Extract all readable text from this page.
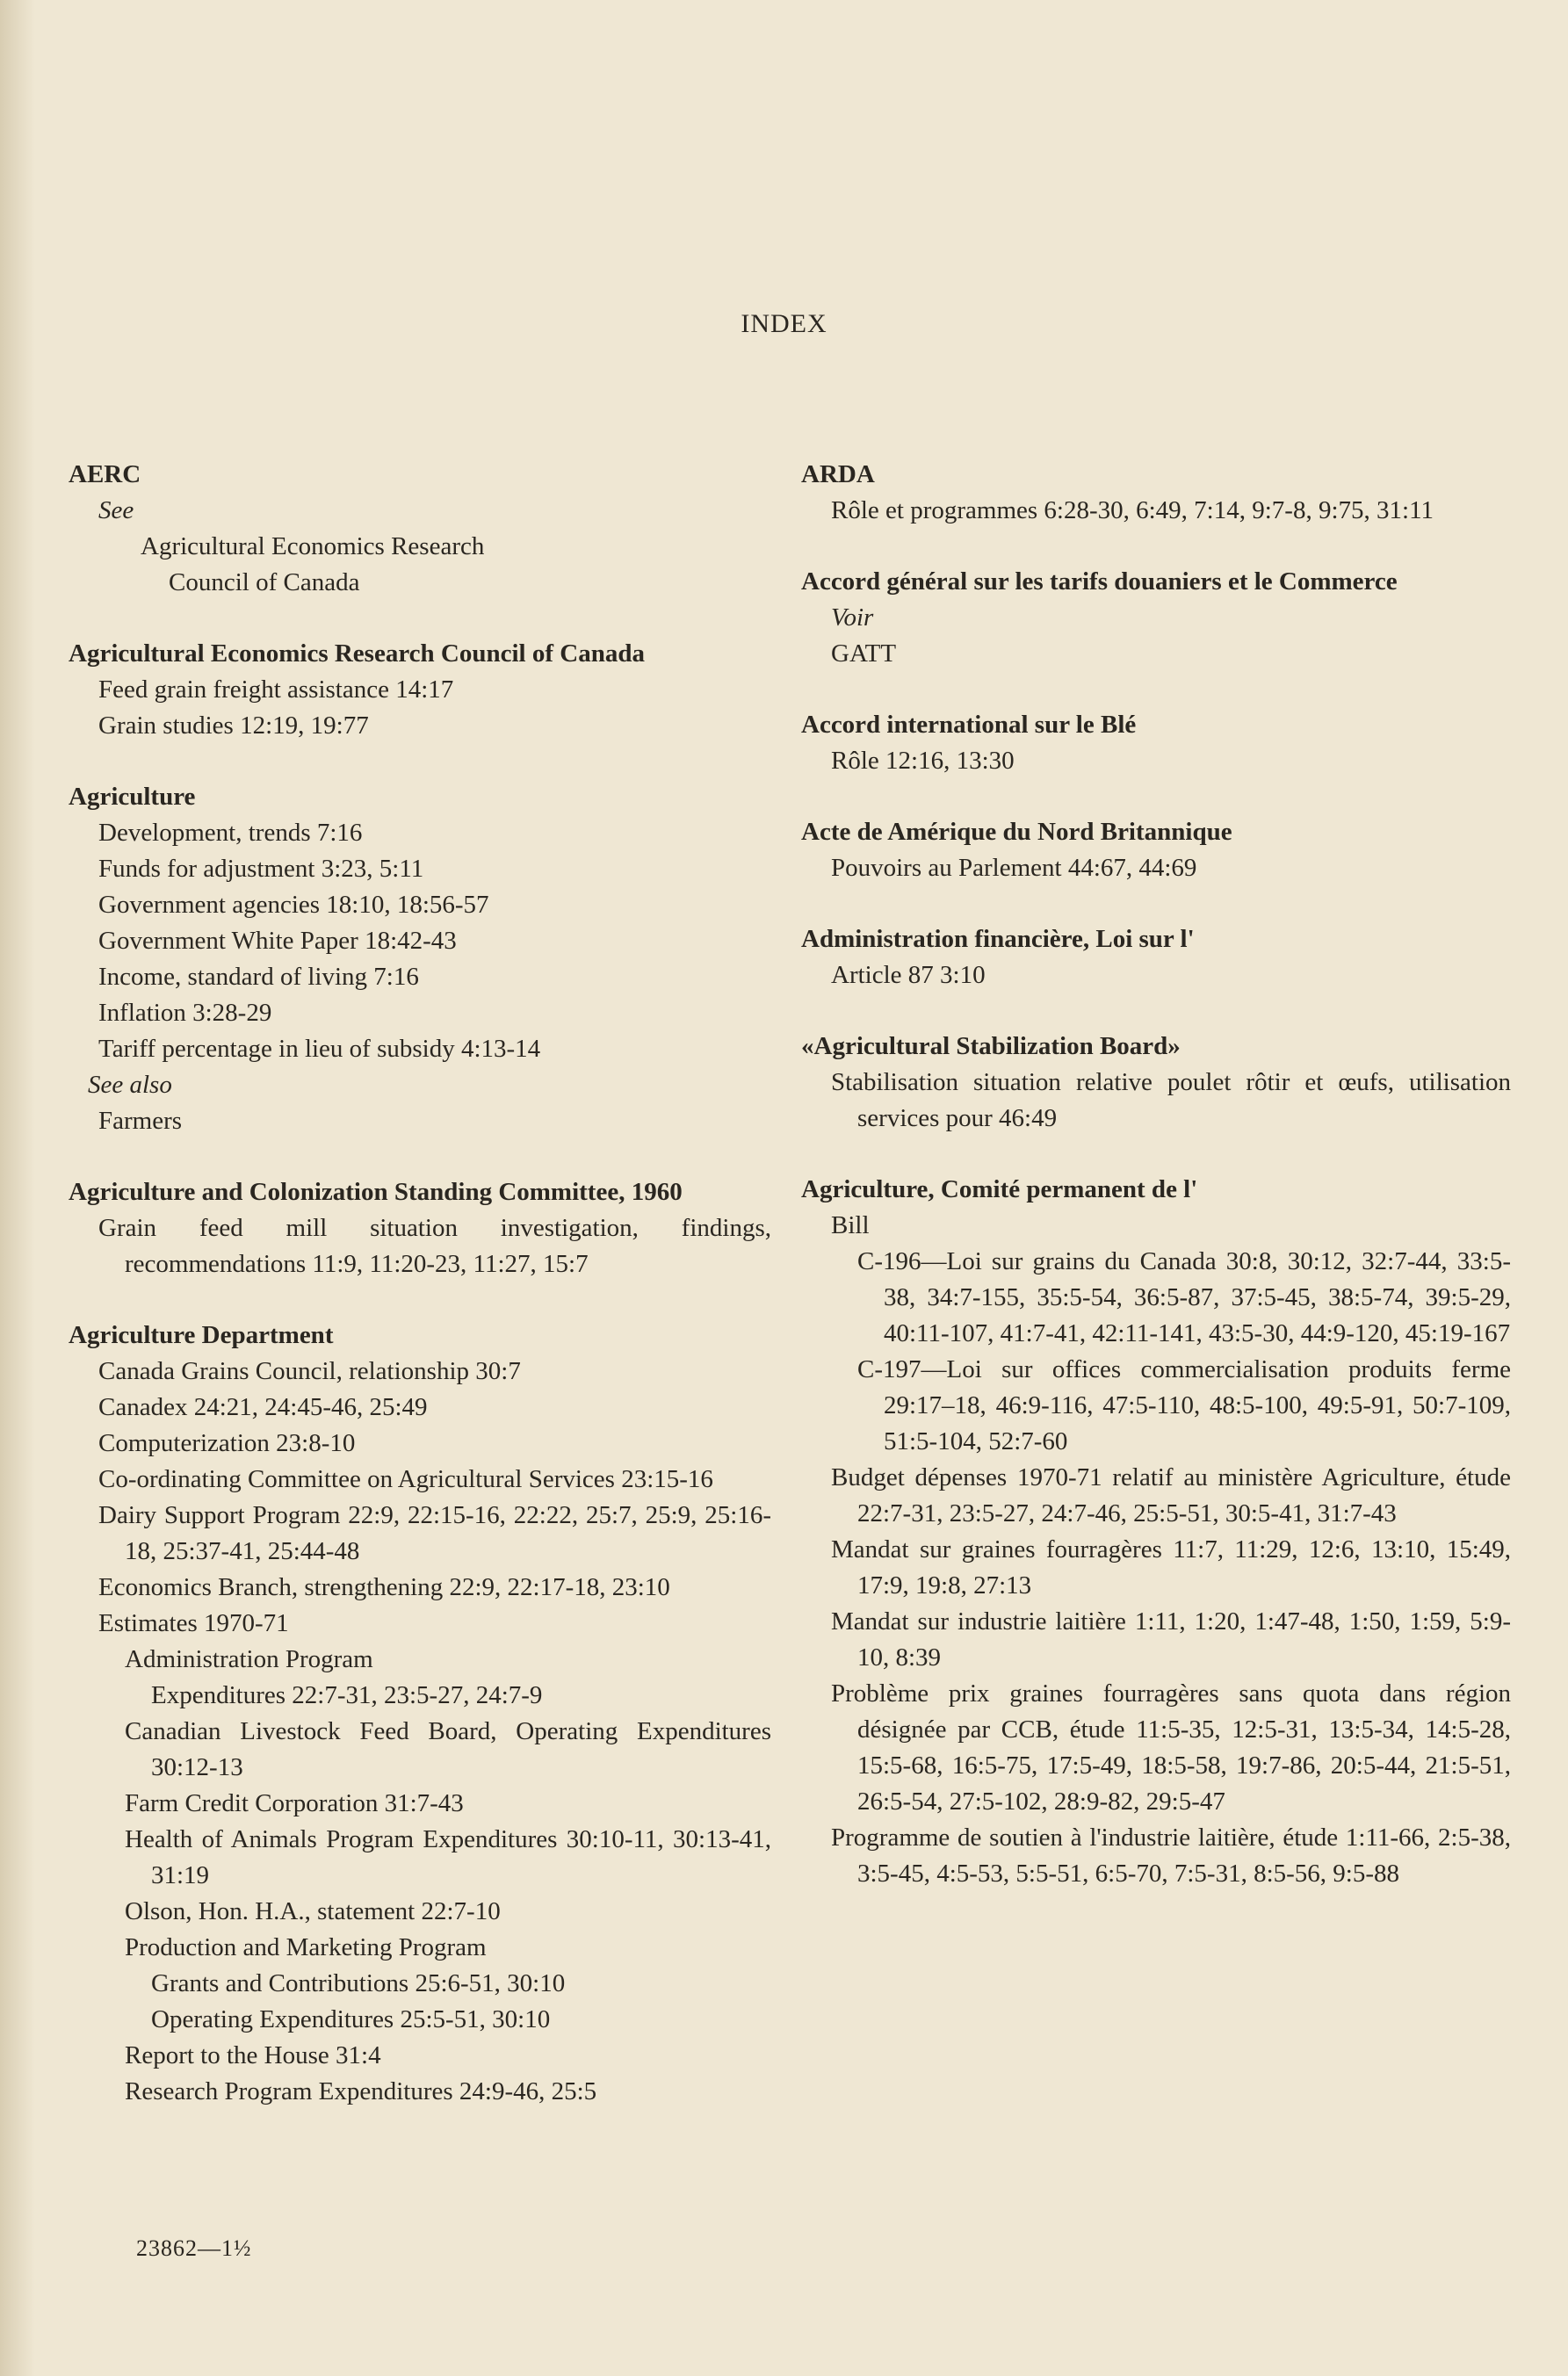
INDEX
AERC
See
Agricultural Economics Research
Council of Canada
Agricultural Economics Research Council of Canada
Feed grain freight assistance 14:17
Grain studies 12:19, 19:77
Agriculture
Development, trends 7:16
Funds for adjustment 3:23, 5:11
Government agencies 18:10, 18:56-57
Government White Paper 18:42-43
Income, standard of living 7:16
Inflation 3:28-29
Tariff percentage in lieu of subsidy 4:13-14
See also
Farmers
Agriculture and Colonization Standing Committee, 1960
Grain feed mill situation investigation, findings, recommendations 11:9, 11:20-23, 11:27, 15:7
Agriculture Department
Canada Grains Council, relationship 30:7
Canadex 24:21, 24:45-46, 25:49
Computerization 23:8-10
Co-ordinating Committee on Agricultural Services 23:15-16
Dairy Support Program 22:9, 22:15-16, 22:22, 25:7, 25:9, 25:16-18, 25:37-41, 25:44-48
Economics Branch, strengthening 22:9, 22:17-18, 23:10
Estimates 1970-71
Administration Program
Expenditures 22:7-31, 23:5-27, 24:7-9
Canadian Livestock Feed Board, Operating Expenditures 30:12-13
Farm Credit Corporation 31:7-43
Health of Animals Program Expenditures 30:10-11, 30:13-41, 31:19
Olson, Hon. H.A., statement 22:7-10
Production and Marketing Program
Grants and Contributions 25:6-51, 30:10
Operating Expenditures 25:5-51, 30:10
Report to the House 31:4
Research Program Expenditures 24:9-46, 25:5
ARDA
Rôle et programmes 6:28-30, 6:49, 7:14, 9:7-8, 9:75, 31:11
Accord général sur les tarifs douaniers et le Commerce
Voir
GATT
Accord international sur le Blé
Rôle 12:16, 13:30
Acte de Amérique du Nord Britannique
Pouvoirs au Parlement 44:67, 44:69
Administration financière, Loi sur l'
Article 87 3:10
«Agricultural Stabilization Board»
Stabilisation situation relative poulet rôtir et œufs, utilisation services pour 46:49
Agriculture, Comité permanent de l'
Bill
C-196—Loi sur grains du Canada 30:8, 30:12, 32:7-44, 33:5-38, 34:7-155, 35:5-54, 36:5-87, 37:5-45, 38:5-74, 39:5-29, 40:11-107, 41:7-41, 42:11-141, 43:5-30, 44:9-120, 45:19-167
C-197—Loi sur offices commercialisation produits ferme 29:17–18, 46:9-116, 47:5-110, 48:5-100, 49:5-91, 50:7-109, 51:5-104, 52:7-60
Budget dépenses 1970-71 relatif au ministère Agriculture, étude 22:7-31, 23:5-27, 24:7-46, 25:5-51, 30:5-41, 31:7-43
Mandat sur graines fourragères 11:7, 11:29, 12:6, 13:10, 15:49, 17:9, 19:8, 27:13
Mandat sur industrie laitière 1:11, 1:20, 1:47-48, 1:50, 1:59, 5:9-10, 8:39
Problème prix graines fourragères sans quota dans région désignée par CCB, étude 11:5-35, 12:5-31, 13:5-34, 14:5-28, 15:5-68, 16:5-75, 17:5-49, 18:5-58, 19:7-86, 20:5-44, 21:5-51, 26:5-54, 27:5-102, 28:9-82, 29:5-47
Programme de soutien à l'industrie laitière, étude 1:11-66, 2:5-38, 3:5-45, 4:5-53, 5:5-51, 6:5-70, 7:5-31, 8:5-56, 9:5-88
23862—1½
